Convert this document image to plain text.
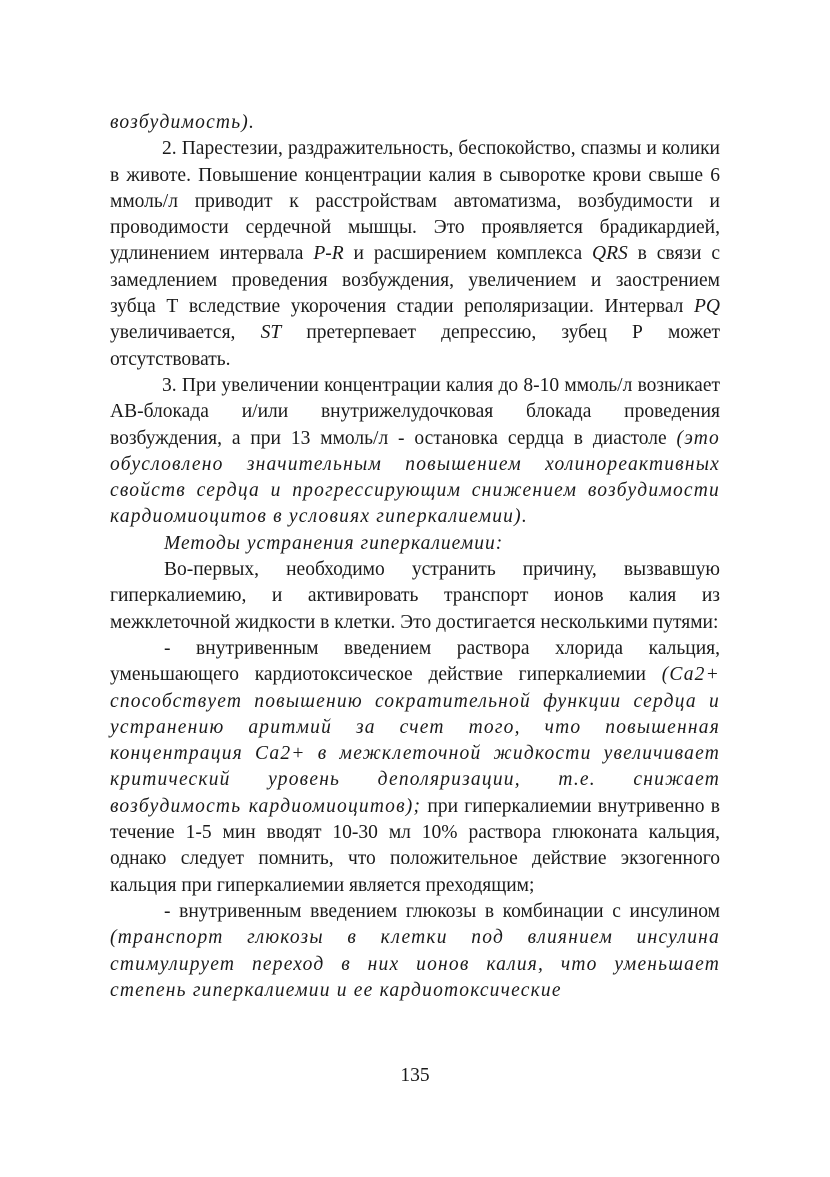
возбудимость).

2. Парестезии, раздражительность, беспокойство, спазмы и колики в животе. Повышение концентрации калия в сыворотке крови свыше 6 ммоль/л приводит к расстройствам автоматизма, возбудимости и проводимости сердечной мышцы. Это проявляется брадикардией, удлинением интервала P-R и расширением комплекса QRS в связи с замедлением проведения возбуждения, увеличением и заострением зубца Т вследствие укорочения стадии реполяризации. Интервал PQ увеличивается, ST претерпевает депрессию, зубец Р может отсутствовать.

3. При увеличении концентрации калия до 8-10 ммоль/л возникает АВ-блокада и/или внутрижелудочковая блокада проведения возбуждения, а при 13 ммоль/л - остановка сердца в диастоле (это обусловлено значительным повышением холинореактивных свойств сердца и прогрессирующим снижением возбудимости кардиомиоцитов в условиях гиперкалиемии).

Методы устранения гиперкалиемии:

Во-первых, необходимо устранить причину, вызвавшую гиперкалиемию, и активировать транспорт ионов калия из межклеточной жидкости в клетки. Это достигается несколькими путями:

- внутривенным введением раствора хлорида кальция, уменьшающего кардиотоксическое действие гиперкалиемии (Са2+ способствует повышению сократительной функции сердца и устранению аритмий за счет того, что повышенная концентрация Са2+ в межклеточной жидкости увеличивает критический уровень деполяризации, т.е. снижает возбудимость кардиомиоцитов); при гиперкалиемии внутривенно в течение 1-5 мин вводят 10-30 мл 10% раствора глюконата кальция, однако следует помнить, что положительное действие экзогенного кальция при гиперкалиемии является преходящим;

- внутривенным введением глюкозы в комбинации с инсулином (транспорт глюкозы в клетки под влиянием инсулина стимулирует переход в них ионов калия, что уменьшает степень гиперкалиемии и ее кардиотоксические

135
